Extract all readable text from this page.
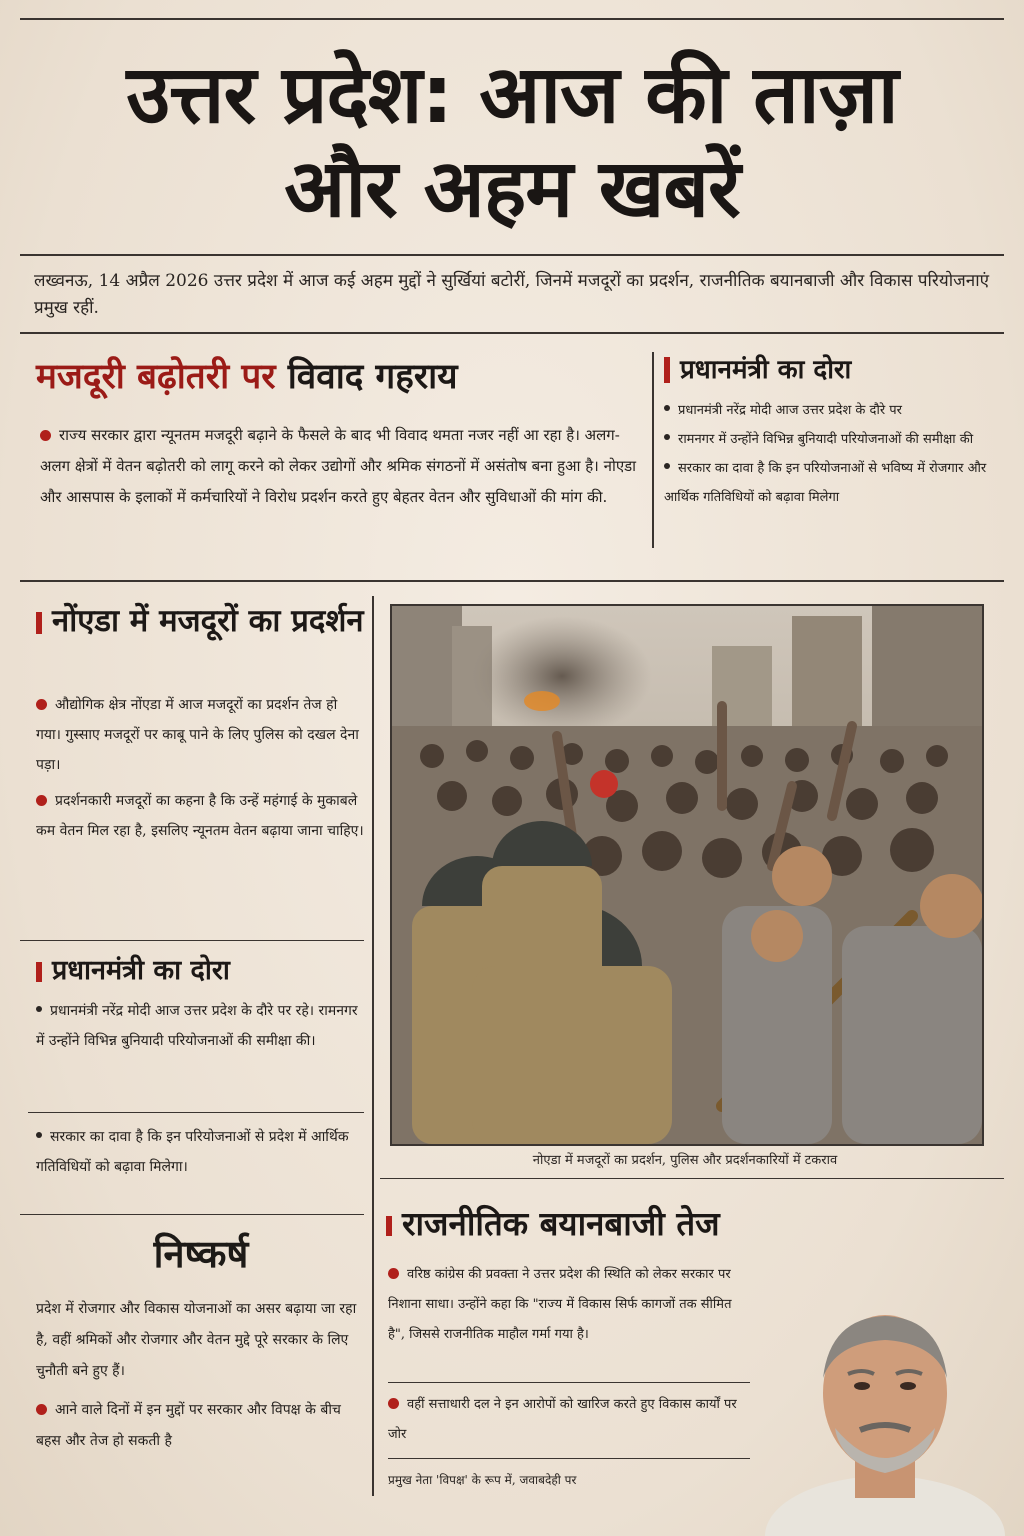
उत्तर प्रदेश: आज की ताज़ा
और अहम खबरें
लख्वनऊ, 14 अप्रैल 2026 उत्तर प्रदेश में आज कई अहम मुद्दों ने सुर्खियां बटोरीं, जिनमें मजदूरों का प्रदर्शन, राजनीतिक बयानबाजी और विकास परियोजनाएं प्रमुख रहीं.
मजदूरी बढ़ोतरी पर विवाद गहराय
राज्य सरकार द्वारा न्यूनतम मजदूरी बढ़ाने के फैसले के बाद भी विवाद थमता नजर नहीं आ रहा है। अलग-अलग क्षेत्रों में वेतन बढ़ोतरी को लागू करने को लेकर उद्योगों और श्रमिक संगठनों में असंतोष बना हुआ है। नोएडा और आसपास के इलाकों में कर्मचारियों ने विरोध प्रदर्शन करते हुए बेहतर वेतन और सुविधाओं की मांग की.
प्रधानमंत्री का दोरा
प्रधानमंत्री नरेंद्र मोदी आज उत्तर प्रदेश के दौरे पर
रामनगर में उन्होंने विभिन्न बुनियादी परियोजनाओं की समीक्षा की
सरकार का दावा है कि इन परियोजनाओं से भविष्य में रोजगार और आर्थिक गतिविधियों को बढ़ावा मिलेगा
नोंएडा में मजदूरों का प्रदर्शन
औद्योगिक क्षेत्र नोंएडा में आज मजदूरों का प्रदर्शन तेज हो गया। गुस्साए मजदूरों पर काबू पाने के लिए पुलिस को दखल देना पड़ा।
प्रदर्शनकारी मजदूरों का कहना है कि उन्हें महंगाई के मुकाबले कम वेतन मिल रहा है, इसलिए न्यूनतम वेतन बढ़ाया जाना चाहिए।
प्रधानमंत्री का दोरा
प्रधानमंत्री नरेंद्र मोदी आज उत्तर प्रदेश के दौरे पर रहे। रामनगर में उन्होंने विभिन्न बुनियादी परियोजनाओं की समीक्षा की।
सरकार का दावा है कि इन परियोजनाओं से प्रदेश में आर्थिक गतिविधियों को बढ़ावा मिलेगा।
निष्कर्ष
प्रदेश में रोजगार और विकास योजनाओं का असर बढ़ाया जा रहा है, वहीं श्रमिकों और रोजगार और वेतन मुद्दे पूरे सरकार के लिए चुनौती बने हुए हैं।
आने वाले दिनों में इन मुद्दों पर सरकार और विपक्ष के बीच बहस और तेज हो सकती है
नोएडा में मजदूरों का प्रदर्शन, पुलिस और प्रदर्शनकारियों में टकराव
राजनीतिक बयानबाजी तेज
वरिष्ठ कांग्रेस की प्रवक्ता ने उत्तर प्रदेश की स्थिति को लेकर सरकार पर निशाना साधा। उन्होंने कहा कि "राज्य में विकास सिर्फ कागजों तक सीमित है", जिससे राजनीतिक माहौल गर्मा गया है।
वहीं सत्ताधारी दल ने इन आरोपों को खारिज करते हुए विकास कार्यों पर जोर
प्रमुख नेता 'विपक्ष' के रूप में, जवाबदेही पर
